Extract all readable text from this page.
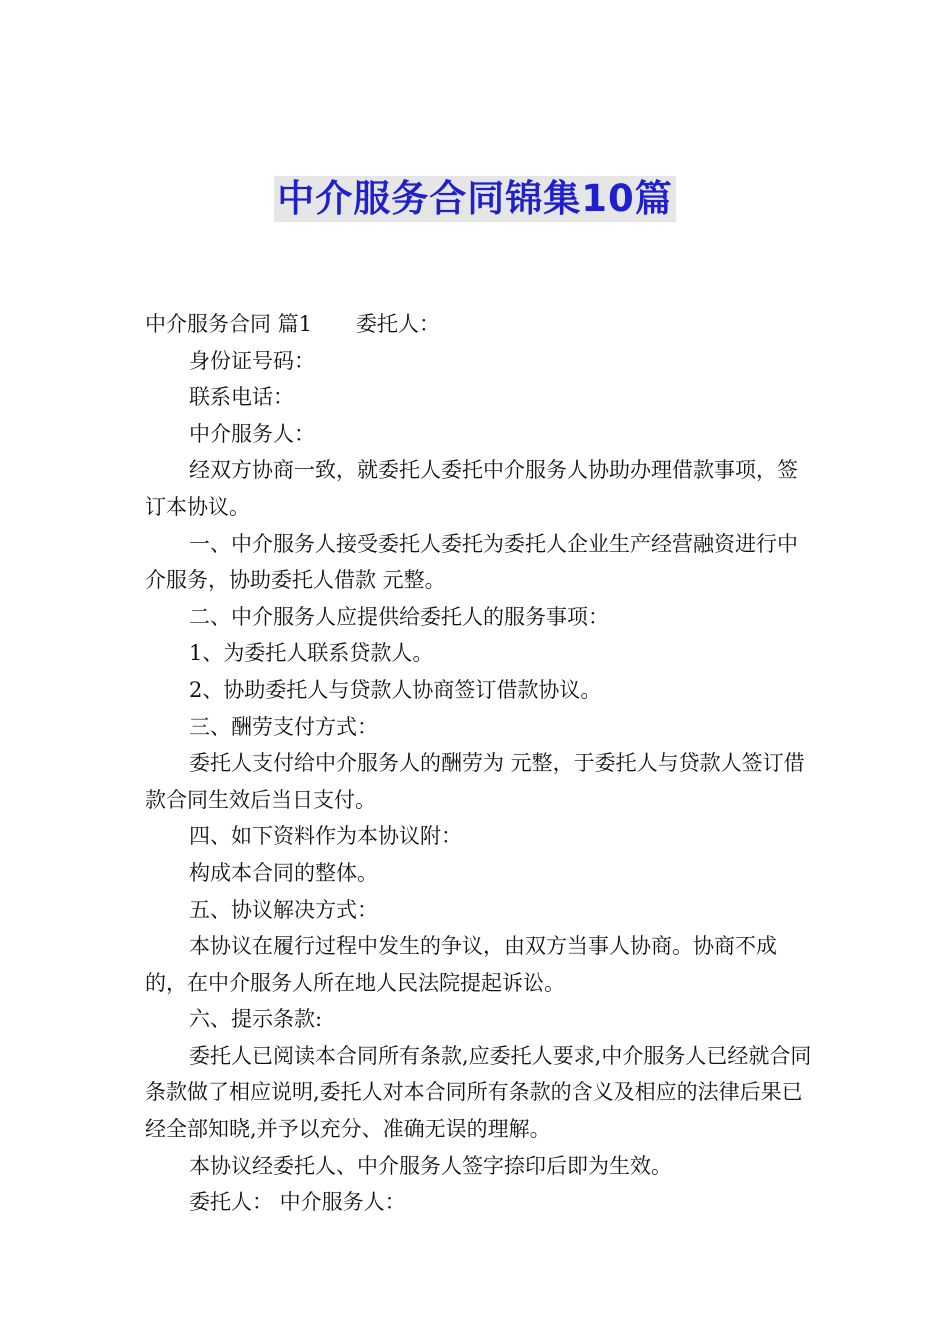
中介服务合同锦集10篇

中介服务合同 篇1 委托人：

身份证号码：

联系电话：

中介服务人：

经双方协商一致，就委托人委托中介服务人协助办理借款事项，签订本协议。

一、中介服务人接受委托人委托为委托人企业生产经营融资进行中介服务，协助委托人借款 元整。

二、中介服务人应提供给委托人的服务事项：

1、为委托人联系贷款人。

2、协助委托人与贷款人协商签订借款协议。

三、酬劳支付方式：

委托人支付给中介服务人的酬劳为 元整，于委托人与贷款人签订借款合同生效后当日支付。

四、如下资料作为本协议附：

构成本合同的整体。

五、协议解决方式：

本协议在履行过程中发生的争议，由双方当事人协商。协商不成的，在中介服务人所在地人民法院提起诉讼。

六、提示条款:

委托人已阅读本合同所有条款,应委托人要求,中介服务人已经就合同条款做了相应说明,委托人对本合同所有条款的含义及相应的法律后果已经全部知晓,并予以充分、准确无误的理解。

本协议经委托人、中介服务人签字捺印后即为生效。

委托人： 中介服务人：
